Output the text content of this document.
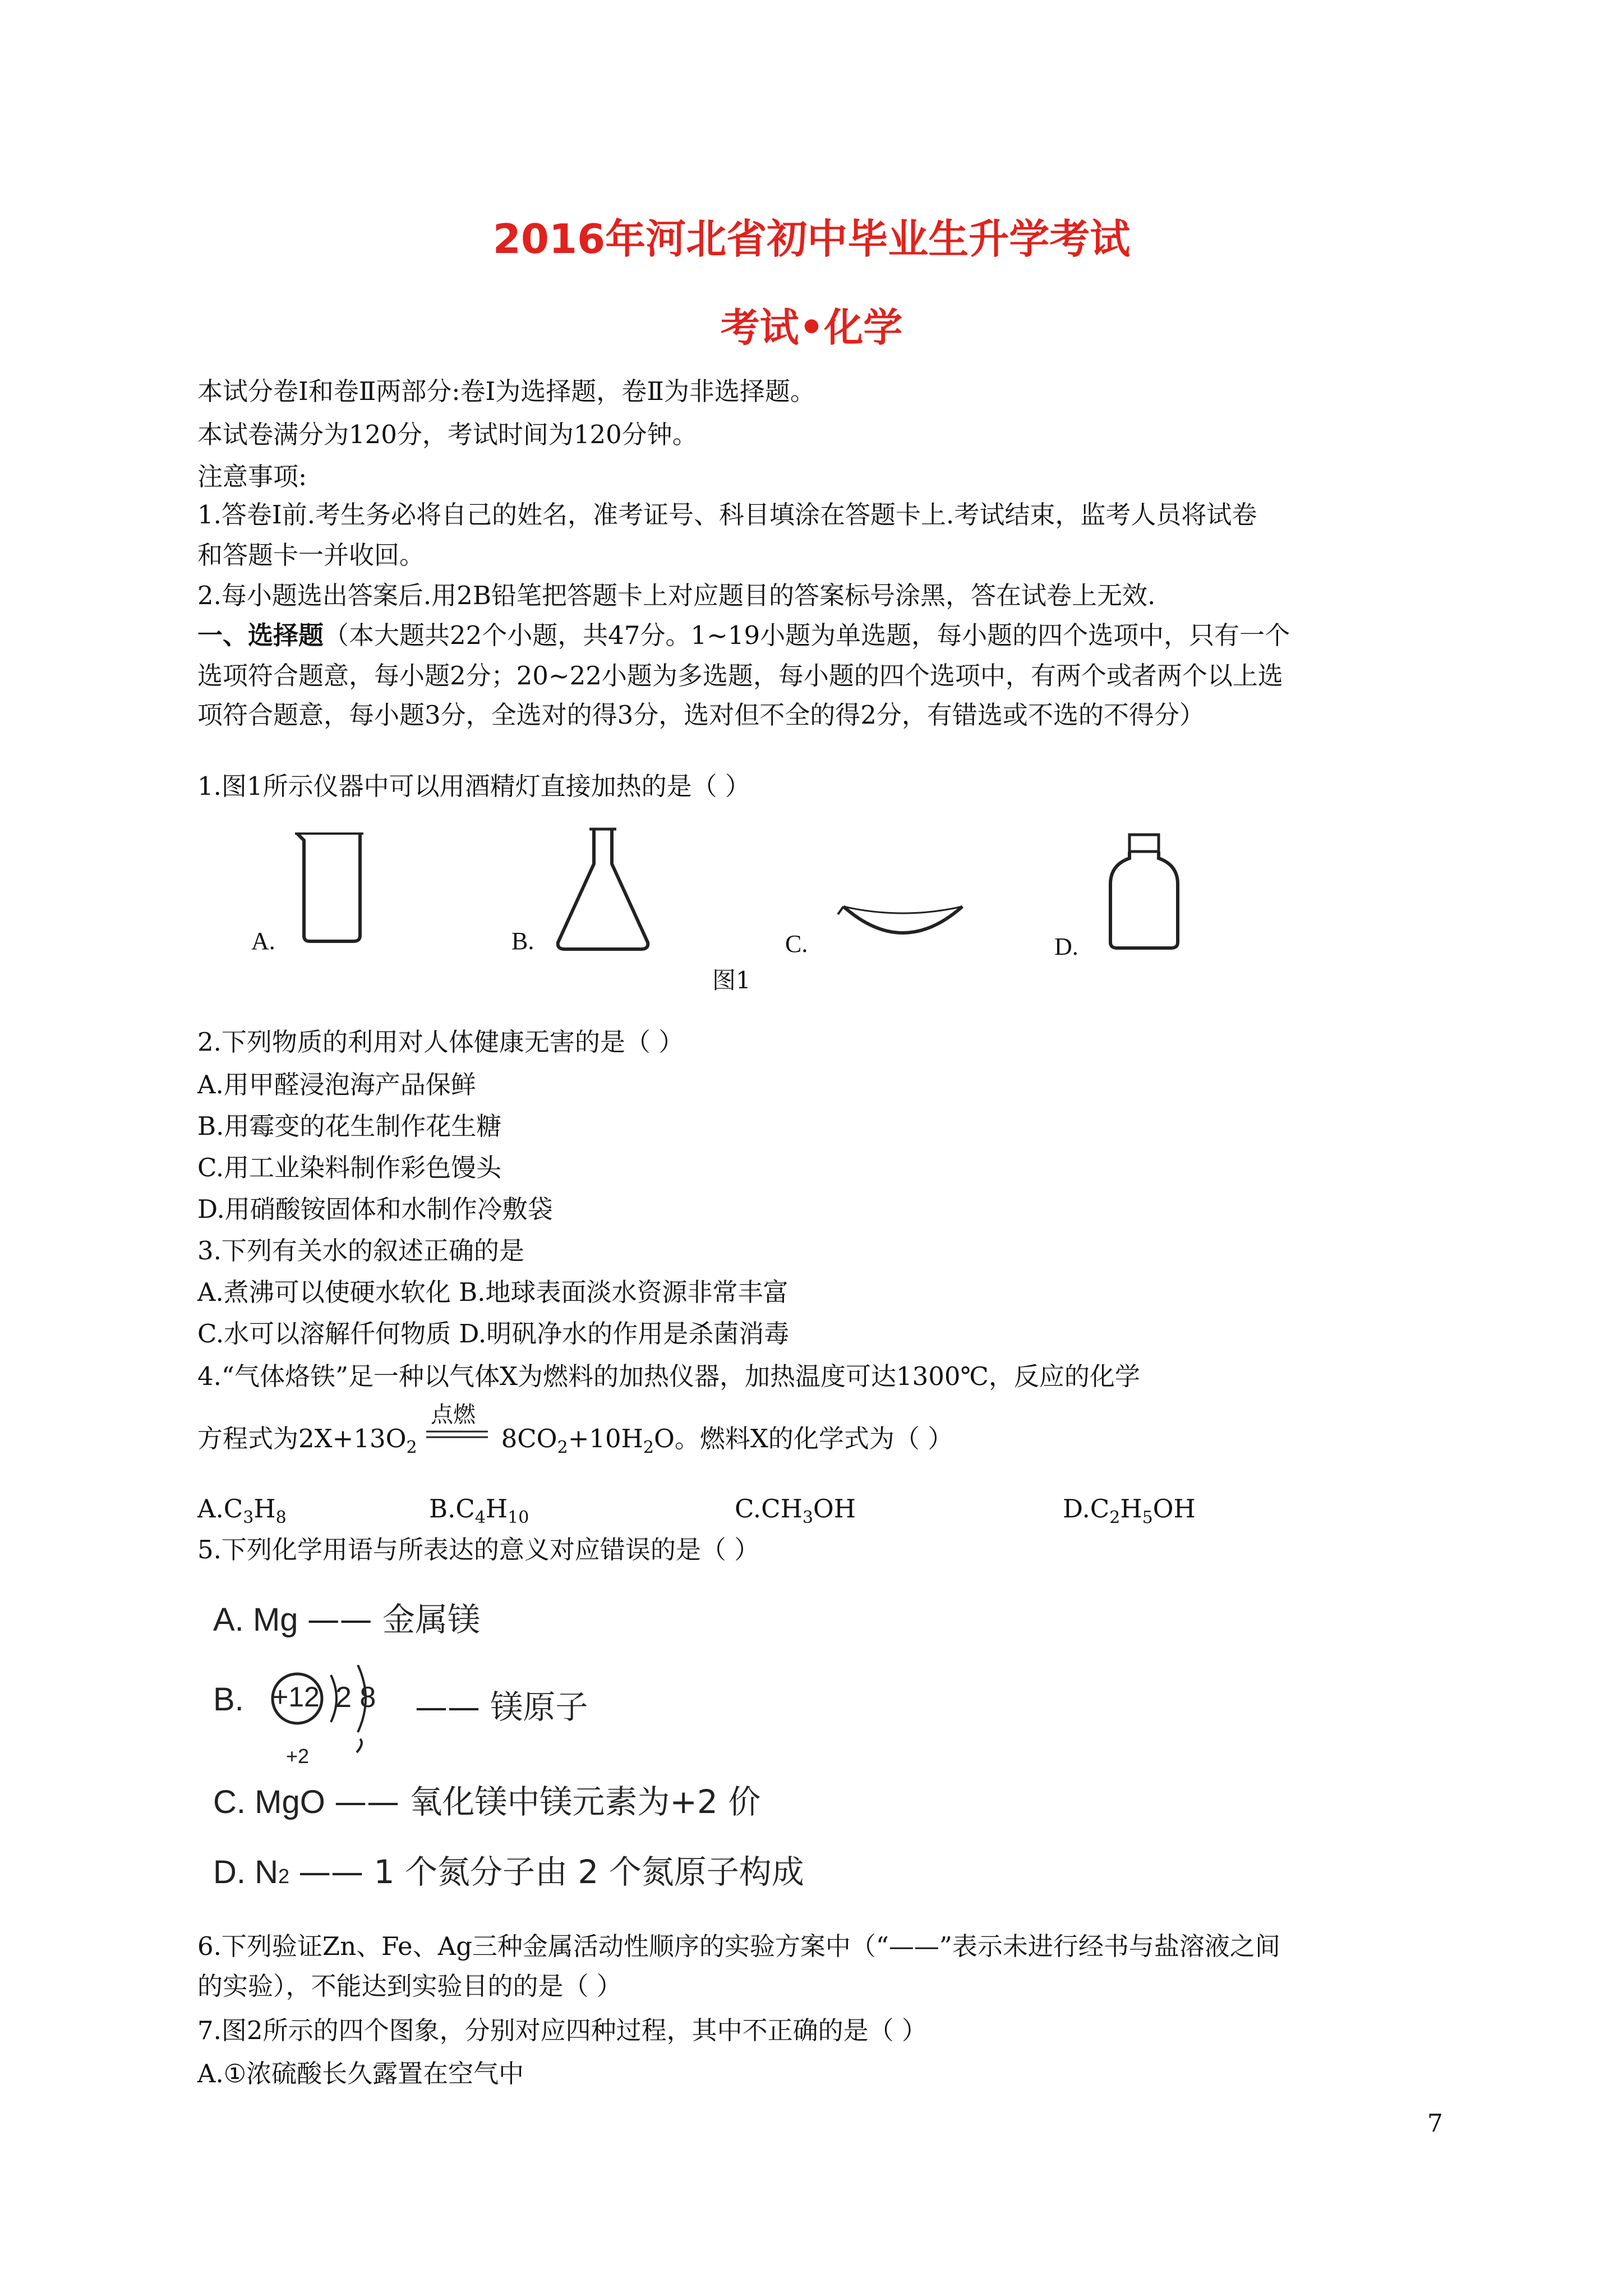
2016年河北省初中毕业生升学考试
考试•化学
本试分卷Ⅰ和卷Ⅱ两部分:卷Ⅰ为选择题，卷Ⅱ为非选择题。
本试卷满分为120分，考试时间为120分钟。
注意事项:
1.答卷Ⅰ前.考生务必将自己的姓名，准考证号、科目填涂在答题卡上.考试结束，监考人员将试卷
和答题卡一并收回。
2.每小题选出答案后.用2B铅笔把答题卡上对应题目的答案标号涂黑，答在试卷上无效.
一、选择题（本大题共22个小题，共47分。1~19小题为单选题，每小题的四个选项中，只有一个
选项符合题意，每小题2分；20~22小题为多选题，每小题的四个选项中，有两个或者两个以上选
项符合题意，每小题3分，全选对的得3分，选对但不全的得2分，有错选或不选的不得分）
1.图1所示仪器中可以用酒精灯直接加热的是（ ）
A.	B.	C.	D.
图1
2.下列物质的利用对人体健康无害的是（ ）
A.用甲醛浸泡海产品保鲜
B.用霉变的花生制作花生糖
C.用工业染料制作彩色馒头
D.用硝酸铵固体和水制作冷敷袋
3.下列有关水的叙述正确的是
A.煮沸可以使硬水软化 B.地球表面淡水资源非常丰富
C.水可以溶解仟何物质 D.明矾净水的作用是杀菌消毒
4.“气体烙铁”足一种以气体X为燃料的加热仪器，加热温度可达1300℃，反应的化学
点燃
方程式为$2X+13O_2$	$8CO_2+10H_2O$。燃料X的化学式为（ ）
$A.C_3H_8$	$B.C_4H_{10}$	$C.CH_3OH$	$D.C_2H_5OH$
5.下列化学用语与所表达的意义对应错误的是（ ）
A. Mg —— 金属镁
B. +12 2 8 —— 镁原子
+2
C. MgO —— 氧化镁中镁元素为+2 价
D. N2 —— 1 个氮分子由 2 个氮原子构成
6.下列验证Zn、Fe、Ag三种金属活动性顺序的实验方案中（“——”表示未进行经书与盐溶液之间
的实验），不能达到实验目的的是（ ）
7.图2所示的四个图象，分别对应四种过程，其中不正确的是（ ）
A.①浓硫酸长久露置在空气中
7
